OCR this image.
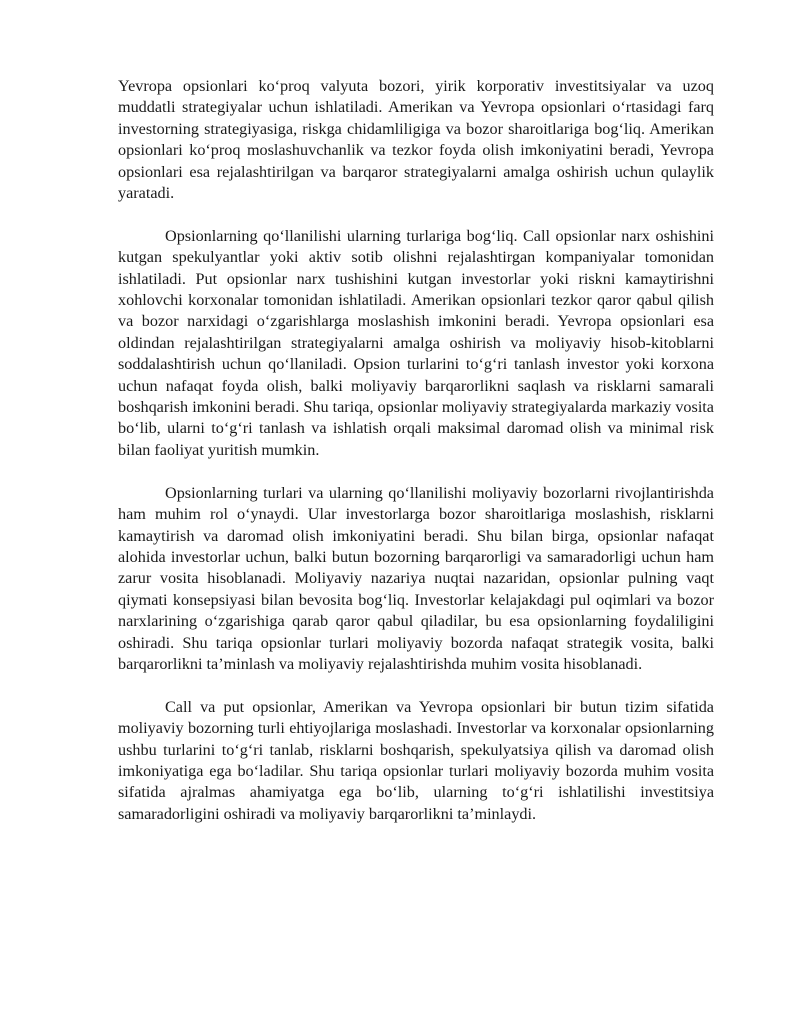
Yevropa opsionlari ko‘proq valyuta bozori, yirik korporativ investitsiyalar va uzoq muddatli strategiyalar uchun ishlatiladi. Amerikan va Yevropa opsionlari o‘rtasidagi farq investorning strategiyasiga, riskga chidamliligiga va bozor sharoitlariga bog‘liq. Amerikan opsionlari ko‘proq moslashuvchanlik va tezkor foyda olish imkoniyatini beradi, Yevropa opsionlari esa rejalashtirilgan va barqaror strategiyalarni amalga oshirish uchun qulaylik yaratadi.

Opsionlarning qo‘llanilishi ularning turlariga bog‘liq. Call opsionlar narx oshishini kutgan spekulyantlar yoki aktiv sotib olishni rejalashtirgan kompaniyalar tomonidan ishlatiladi. Put opsionlar narx tushishini kutgan investorlar yoki riskni kamaytirishni xohlovchi korxonalar tomonidan ishlatiladi. Amerikan opsionlari tezkor qaror qabul qilish va bozor narxidagi o‘zgarishlarga moslashish imkonini beradi. Yevropa opsionlari esa oldindan rejalashtirilgan strategiyalarni amalga oshirish va moliyaviy hisob-kitoblarni soddalashtirish uchun qo‘llaniladi. Opsion turlarini to‘g‘ri tanlash investor yoki korxona uchun nafaqat foyda olish, balki moliyaviy barqarorlikni saqlash va risklarni samarali boshqarish imkonini beradi. Shu tariqa, opsionlar moliyaviy strategiyalarda markaziy vosita bo‘lib, ularni to‘g‘ri tanlash va ishlatish orqali maksimal daromad olish va minimal risk bilan faoliyat yuritish mumkin.

Opsionlarning turlari va ularning qo‘llanilishi moliyaviy bozorlarni rivojlantirishda ham muhim rol o‘ynaydi. Ular investorlarga bozor sharoitlariga moslashish, risklarni kamaytirish va daromad olish imkoniyatini beradi. Shu bilan birga, opsionlar nafaqat alohida investorlar uchun, balki butun bozorning barqarorligi va samaradorligi uchun ham zarur vosita hisoblanadi. Moliyaviy nazariya nuqtai nazaridan, opsionlar pulning vaqt qiymati konsepsiyasi bilan bevosita bog‘liq. Investorlar kelajakdagi pul oqimlari va bozor narxlarining o‘zgarishiga qarab qaror qabul qiladilar, bu esa opsionlarning foydaliligini oshiradi. Shu tariqa opsionlar turlari moliyaviy bozorda nafaqat strategik vosita, balki barqarorlikni ta’minlash va moliyaviy rejalashtirishda muhim vosita hisoblanadi.

Call va put opsionlar, Amerikan va Yevropa opsionlari bir butun tizim sifatida moliyaviy bozorning turli ehtiyojlariga moslashadi. Investorlar va korxonalar opsionlarning ushbu turlarini to‘g‘ri tanlab, risklarni boshqarish, spekulyatsiya qilish va daromad olish imkoniyatiga ega bo‘ladilar. Shu tariqa opsionlar turlari moliyaviy bozorda muhim vosita sifatida ajralmas ahamiyatga ega bo‘lib, ularning to‘g‘ri ishlatilishi investitsiya samaradorligini oshiradi va moliyaviy barqarorlikni ta’minlaydi.
